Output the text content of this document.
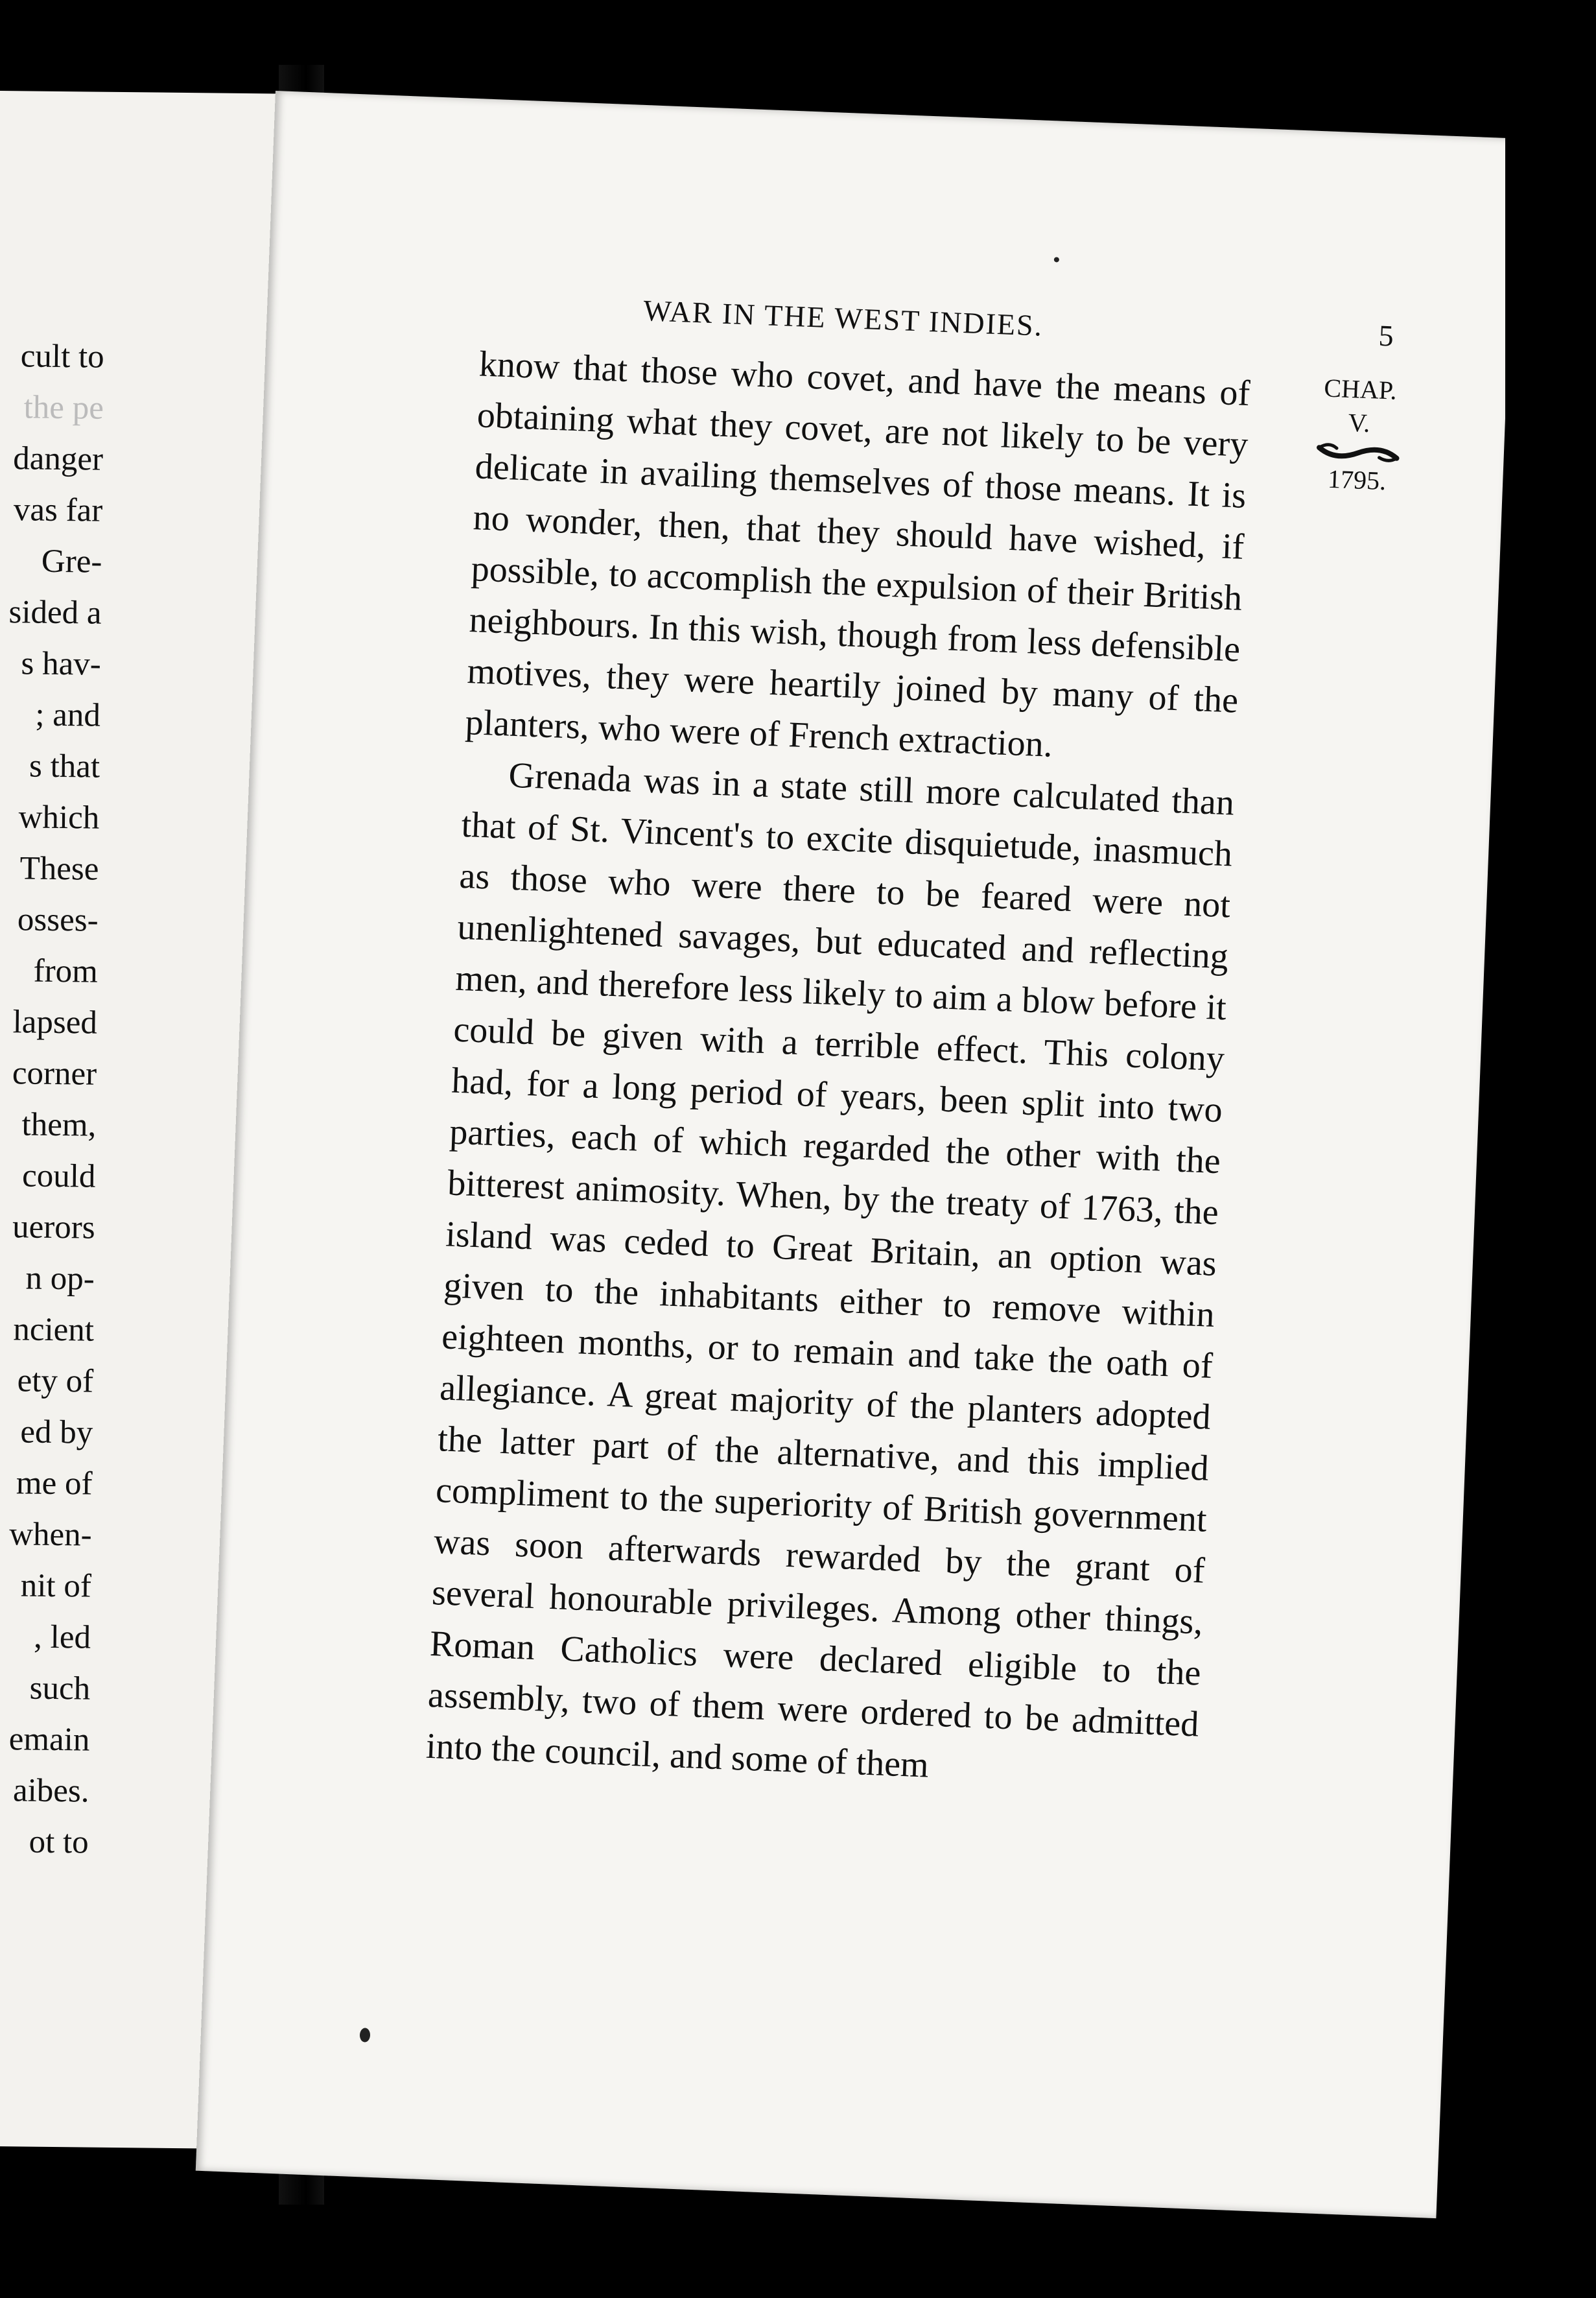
cult to
the pe
danger
vas far
Gre-
sided a
s hav-
; and
s that
which
These
osses-
from
lapsed
corner
them,
could
uerors
n op-
ncient
ety of
ed by
me of
when-
nit of
, led
such
emain
aibes.
ot to
WAR IN THE WEST INDIES.	5
CHAP.
V.
1795.

know that those who covet, and have the means of obtaining what they covet, are not likely to be very delicate in availing themselves of those means. It is no wonder, then, that they should have wished, if possible, to accomplish the expulsion of their British neighbours. In this wish, though from less defensible motives, they were heartily joined by many of the planters, who were of French extraction.

Grenada was in a state still more calculated than that of St. Vincent's to excite disquietude, inasmuch as those who were there to be feared were not unenlightened savages, but educated and reflecting men, and therefore less likely to aim a blow before it could be given with a terrible effect. This colony had, for a long period of years, been split into two parties, each of which regarded the other with the bitterest animosity. When, by the treaty of 1763, the island was ceded to Great Britain, an option was given to the inhabitants either to remove within eighteen months, or to remain and take the oath of allegiance. A great majority of the planters adopted the latter part of the alternative, and this implied compliment to the superiority of British government was soon afterwards rewarded by the grant of several honourable privileges. Among other things, Roman Catholics were declared eligible to the assembly, two of them were ordered to be admitted into the council, and some of them
